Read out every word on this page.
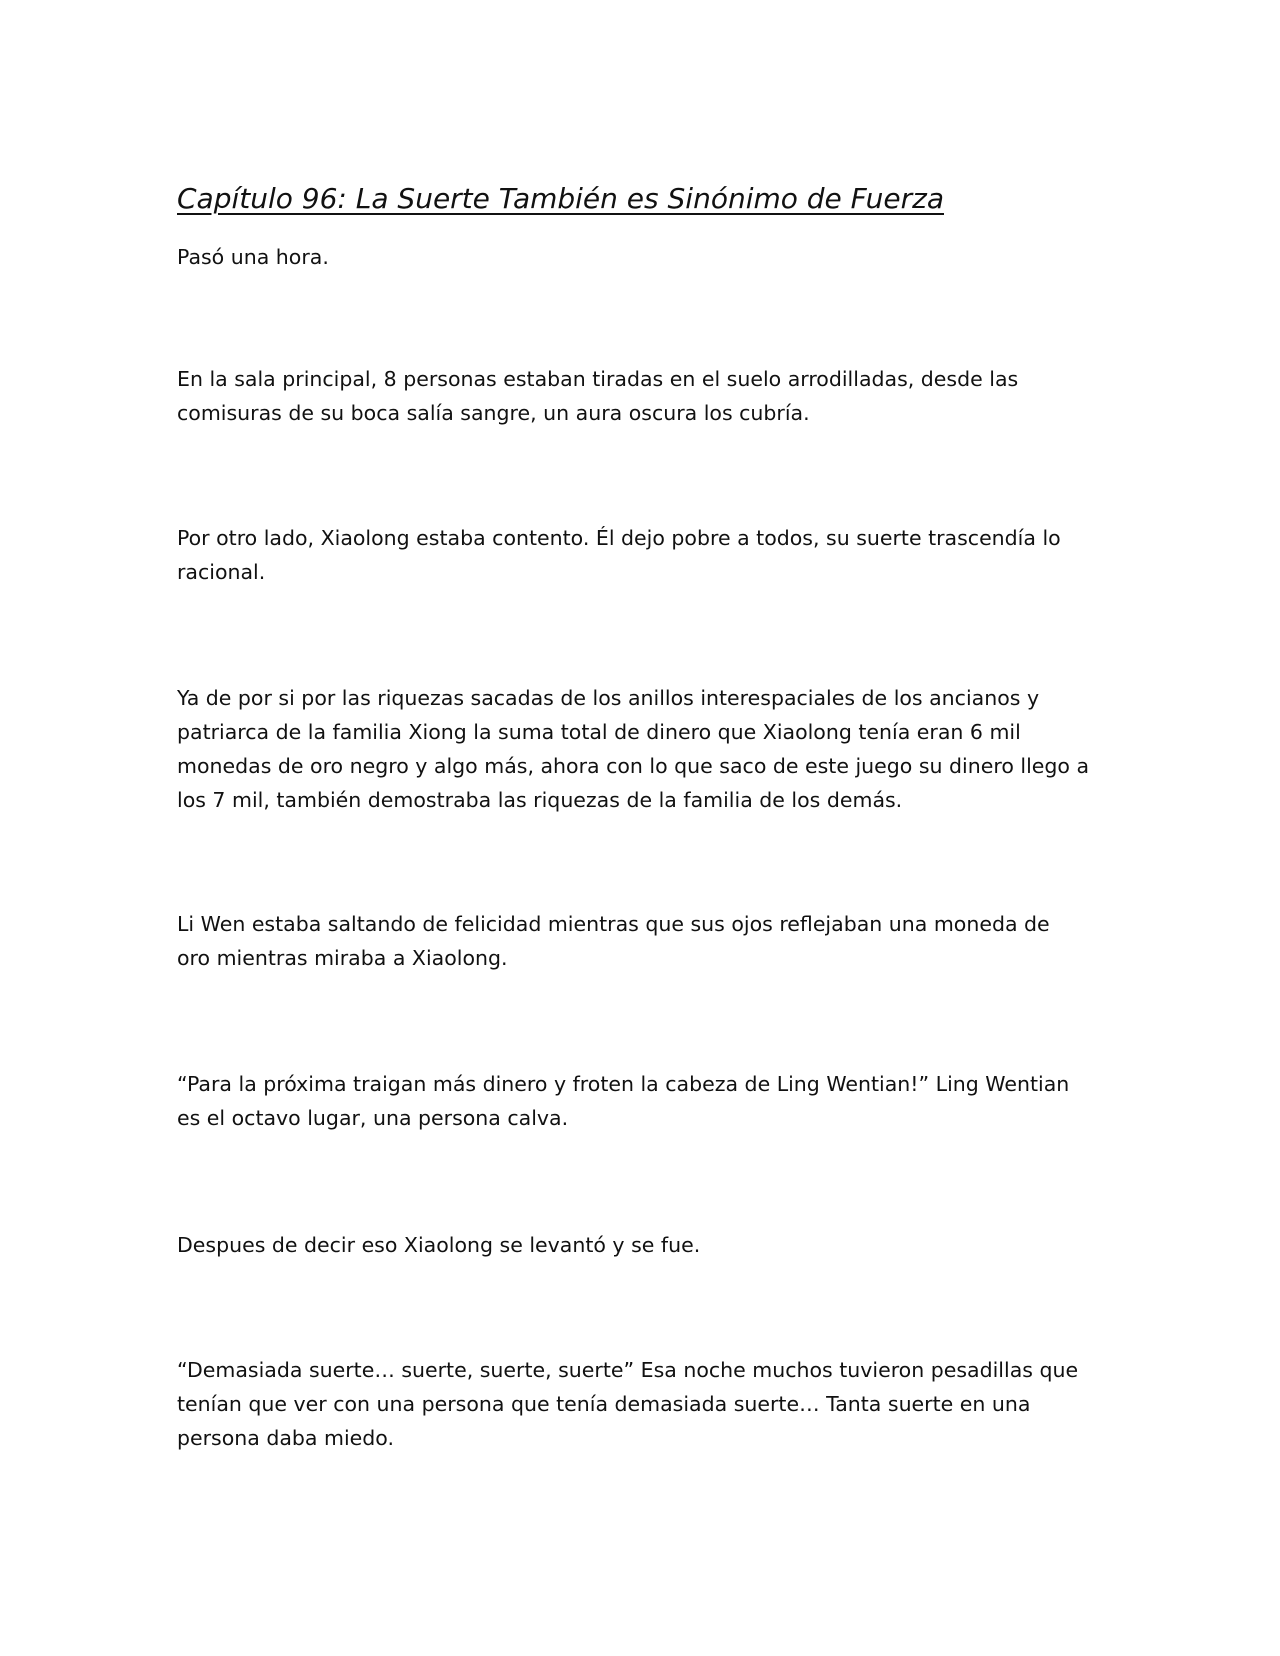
Capítulo 96: La Suerte También es Sinónimo de Fuerza

Pasó una hora.

En la sala principal, 8 personas estaban tiradas en el suelo arrodilladas, desde las
comisuras de su boca salía sangre, un aura oscura los cubría.

Por otro lado, Xiaolong estaba contento. Él dejo pobre a todos, su suerte trascendía lo
racional.

Ya de por si por las riquezas sacadas de los anillos interespaciales de los ancianos y
patriarca de la familia Xiong la suma total de dinero que Xiaolong tenía eran 6 mil
monedas de oro negro y algo más, ahora con lo que saco de este juego su dinero llego a
los 7 mil, también demostraba las riquezas de la familia de los demás.

Li Wen estaba saltando de felicidad mientras que sus ojos reflejaban una moneda de
oro mientras miraba a Xiaolong.

“Para la próxima traigan más dinero y froten la cabeza de Ling Wentian!” Ling Wentian
es el octavo lugar, una persona calva.

Despues de decir eso Xiaolong se levantó y se fue.

“Demasiada suerte… suerte, suerte, suerte” Esa noche muchos tuvieron pesadillas que
tenían que ver con una persona que tenía demasiada suerte… Tanta suerte en una
persona daba miedo.
